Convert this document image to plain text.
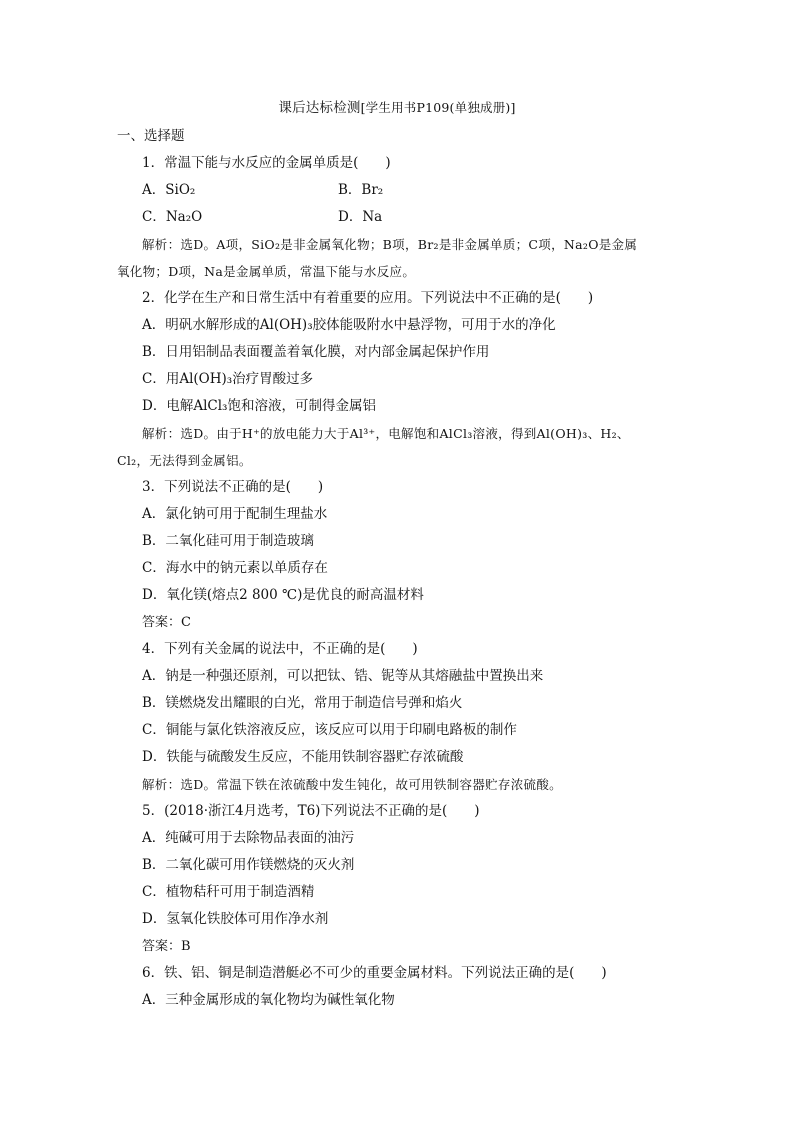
课后达标检测[学生用书P109(单独成册)]
一、选择题
1．常温下能与水反应的金属单质是(　　)
A．SiO₂	B．Br₂
C．Na₂O	D．Na
解析：选D。A项，SiO₂是非金属氧化物；B项，Br₂是非金属单质；C项，Na₂O是金属
氧化物；D项，Na是金属单质，常温下能与水反应。
2．化学在生产和日常生活中有着重要的应用。下列说法中不正确的是(　　)
A．明矾水解形成的Al(OH)₃胶体能吸附水中悬浮物，可用于水的净化
B．日用铝制品表面覆盖着氧化膜，对内部金属起保护作用
C．用Al(OH)₃治疗胃酸过多
D．电解AlCl₃饱和溶液，可制得金属铝
解析：选D。由于H⁺的放电能力大于Al³⁺，电解饱和AlCl₃溶液，得到Al(OH)₃、H₂、
Cl₂，无法得到金属铝。
3．下列说法不正确的是(　　)
A．氯化钠可用于配制生理盐水
B．二氧化硅可用于制造玻璃
C．海水中的钠元素以单质存在
D．氧化镁(熔点2 800 ℃)是优良的耐高温材料
答案：C
4．下列有关金属的说法中，不正确的是(　　)
A．钠是一种强还原剂，可以把钛、锆、铌等从其熔融盐中置换出来
B．镁燃烧发出耀眼的白光，常用于制造信号弹和焰火
C．铜能与氯化铁溶液反应，该反应可以用于印刷电路板的制作
D．铁能与硫酸发生反应，不能用铁制容器贮存浓硫酸
解析：选D。常温下铁在浓硫酸中发生钝化，故可用铁制容器贮存浓硫酸。
5．(2018·浙江4月选考，T6)下列说法不正确的是(　　)
A．纯碱可用于去除物品表面的油污
B．二氧化碳可用作镁燃烧的灭火剂
C．植物秸秆可用于制造酒精
D．氢氧化铁胶体可用作净水剂
答案：B
6．铁、铝、铜是制造潜艇必不可少的重要金属材料。下列说法正确的是(　　)
A．三种金属形成的氧化物均为碱性氧化物
